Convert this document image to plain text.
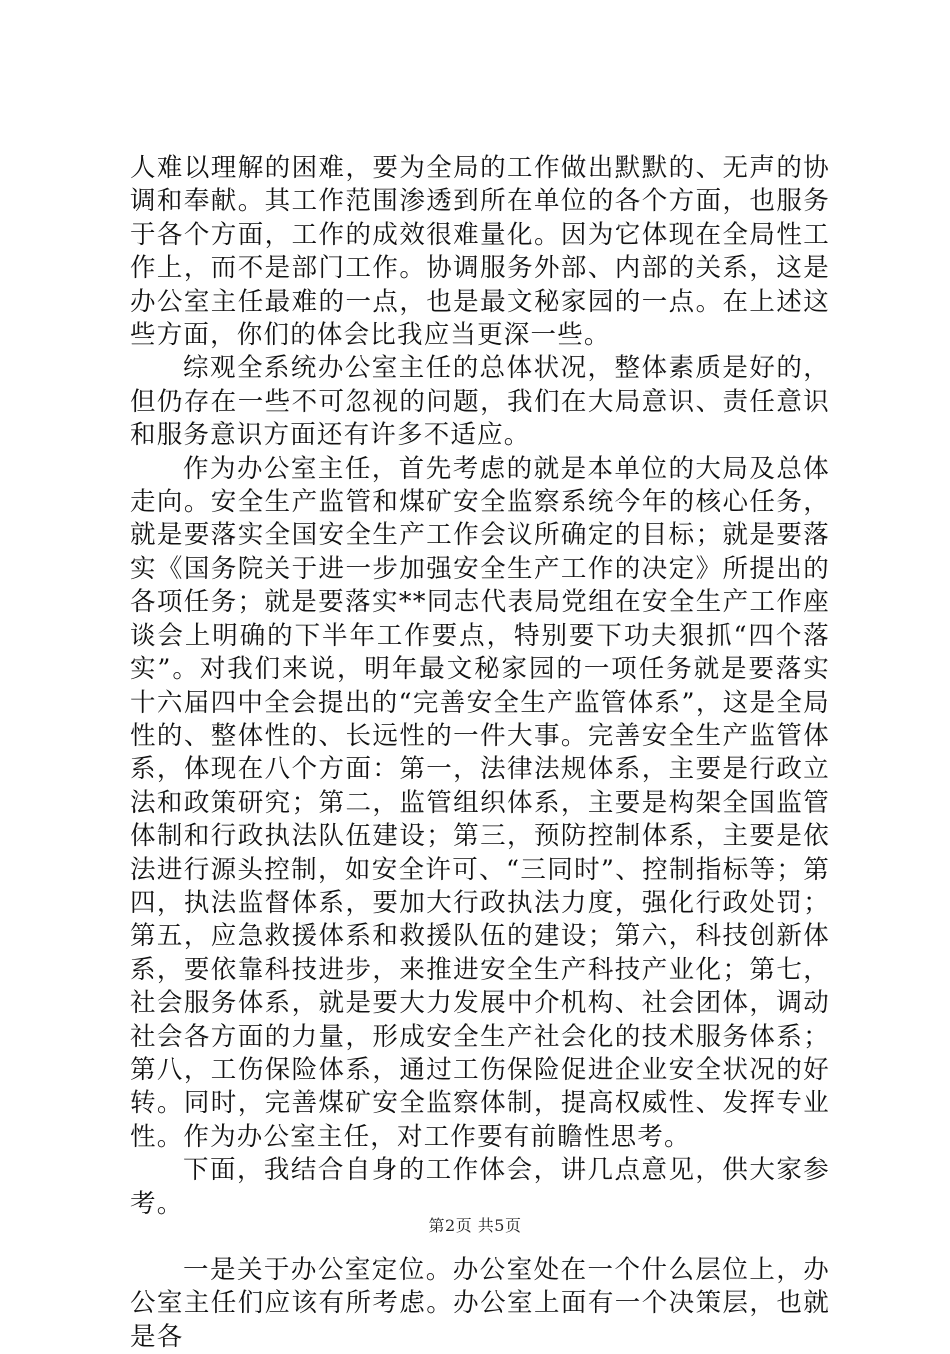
人难以理解的困难，要为全局的工作做出默默的、无声的协调和奉献。其工作范围渗透到所在单位的各个方面，也服务于各个方面，工作的成效很难量化。因为它体现在全局性工作上，而不是部门工作。协调服务外部、内部的关系，这是办公室主任最难的一点，也是最文秘家园的一点。在上述这些方面，你们的体会比我应当更深一些。

综观全系统办公室主任的总体状况，整体素质是好的，但仍存在一些不可忽视的问题，我们在大局意识、责任意识和服务意识方面还有许多不适应。

作为办公室主任，首先考虑的就是本单位的大局及总体走向。安全生产监管和煤矿安全监察系统今年的核心任务，就是要落实全国安全生产工作会议所确定的目标；就是要落实《国务院关于进一步加强安全生产工作的决定》所提出的各项任务；就是要落实**同志代表局党组在安全生产工作座谈会上明确的下半年工作要点，特别要下功夫狠抓“四个落实”。对我们来说，明年最文秘家园的一项任务就是要落实十六届四中全会提出的“完善安全生产监管体系”，这是全局性的、整体性的、长远性的一件大事。完善安全生产监管体系，体现在八个方面：第一，法律法规体系，主要是行政立法和政策研究；第二，监管组织体系，主要是构架全国监管体制和行政执法队伍建设；第三，预防控制体系，主要是依法进行源头控制，如安全许可、“三同时”、控制指标等；第四，执法监督体系，要加大行政执法力度，强化行政处罚；第五，应急救援体系和救援队伍的建设；第六，科技创新体系，要依靠科技进步，来推进安全生产科技产业化；第七，社会服务体系，就是要大力发展中介机构、社会团体，调动社会各方面的力量，形成安全生产社会化的技术服务体系；第八，工伤保险体系，通过工伤保险促进企业安全状况的好转。同时，完善煤矿安全监察体制，提高权威性、发挥专业性。作为办公室主任，对工作要有前瞻性思考。

下面，我结合自身的工作体会，讲几点意见，供大家参考。

一是关于办公室定位。办公室处在一个什么层位上，办公室主任们应该有所考虑。办公室上面有一个决策层，也就是各

第2页 共5页
